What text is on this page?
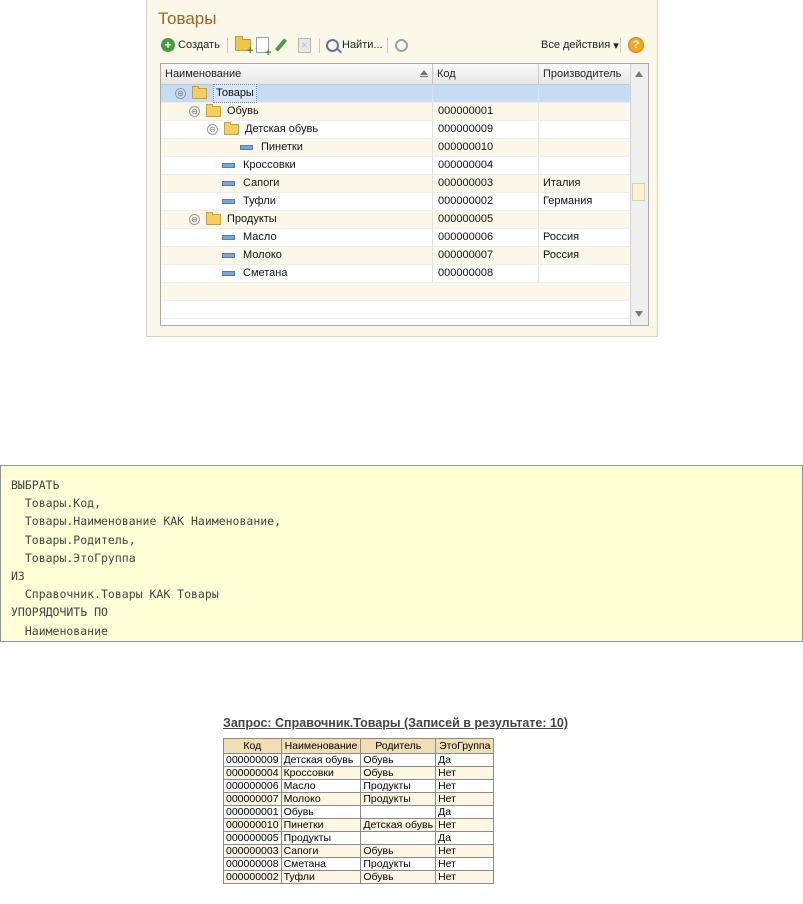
Товары
+ Создать + +
×	Найти...	Все действия ▾	?
Наименование	Код	Производитель
⊖	Товары
⊖	Обувь	000000001
⊖	Детская обувь	000000009
Пинетки	000000010
Кроссовки	000000004
Сапоги	000000003	Италия
Туфли	000000002	Германия
⊖	Продукты	000000005
Масло	000000006	Россия
Молоко	000000007	Россия
Сметана	000000008
ВЫБРАТЬ
Товары.Код,
Товары.Наименование КАК Наименование,
Товары.Родитель,
Товары.ЭтоГруппа
ИЗ
Справочник.Товары КАК Товары
УПОРЯДОЧИТЬ ПО
Наименование
Запрос: Справочник.Товары (Записей в результате: 10)
Код	Наименование	Родитель	ЭтоГруппа
000000009	Детская обувь	Обувь	Да
000000004	Кроссовки	Обувь	Нет
000000006	Масло	Продукты	Нет
000000007	Молоко	Продукты	Нет
000000001	Обувь		Да
000000010	Пинетки	Детская обувь	Нет
000000005	Продукты		Да
000000003	Сапоги	Обувь	Нет
000000008	Сметана	Продукты	Нет
000000002	Туфли	Обувь	Нет
